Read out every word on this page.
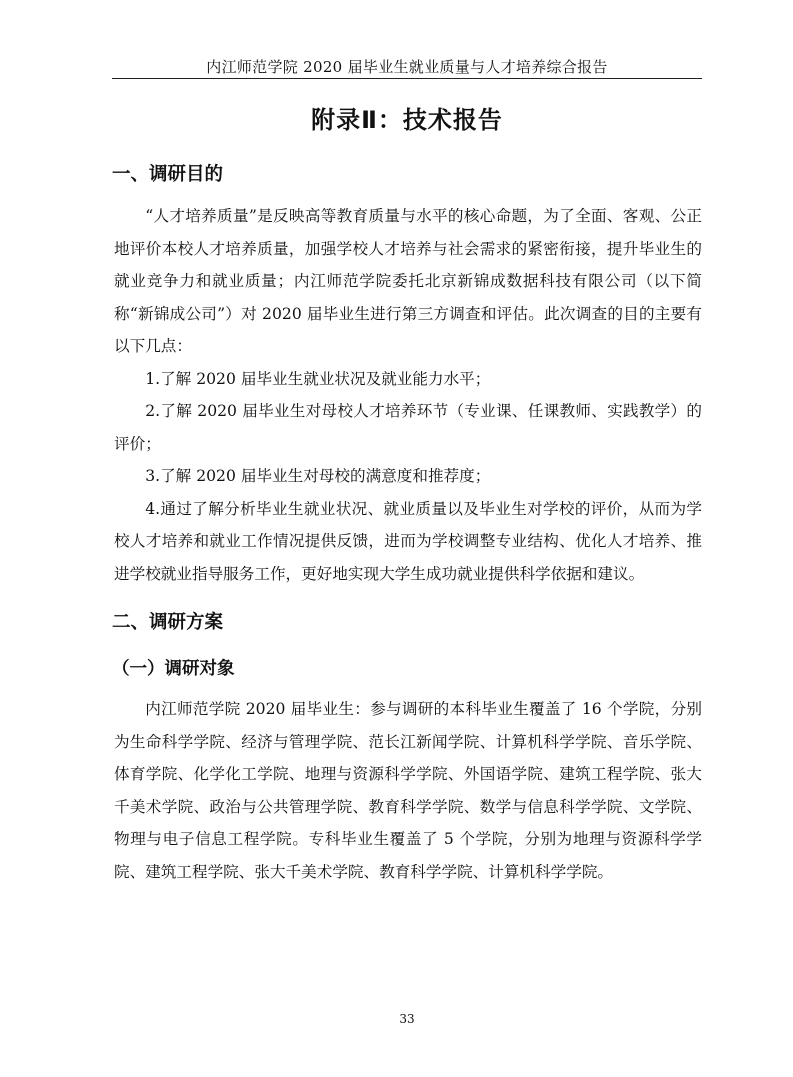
内江师范学院 2020 届毕业生就业质量与人才培养综合报告
附录Ⅱ：技术报告
一、调研目的

“人才培养质量”是反映高等教育质量与水平的核心命题，为了全面、客观、公正地评价本校人才培养质量，加强学校人才培养与社会需求的紧密衔接，提升毕业生的就业竞争力和就业质量；内江师范学院委托北京新锦成数据科技有限公司（以下简称“新锦成公司”）对 2020 届毕业生进行第三方调查和评估。此次调查的目的主要有以下几点：

1.了解 2020 届毕业生就业状况及就业能力水平；

2.了解 2020 届毕业生对母校人才培养环节（专业课、任课教师、实践教学）的评价；

3.了解 2020 届毕业生对母校的满意度和推荐度；

4.通过了解分析毕业生就业状况、就业质量以及毕业生对学校的评价，从而为学校人才培养和就业工作情况提供反馈，进而为学校调整专业结构、优化人才培养、推进学校就业指导服务工作，更好地实现大学生成功就业提供科学依据和建议。

二、调研方案
（一）调研对象

内江师范学院 2020 届毕业生：参与调研的本科毕业生覆盖了 16 个学院，分别为生命科学学院、经济与管理学院、范长江新闻学院、计算机科学学院、音乐学院、体育学院、化学化工学院、地理与资源科学学院、外国语学院、建筑工程学院、张大千美术学院、政治与公共管理学院、教育科学学院、数学与信息科学学院、文学院、物理与电子信息工程学院。专科毕业生覆盖了 5 个学院，分别为地理与资源科学学院、建筑工程学院、张大千美术学院、教育科学学院、计算机科学学院。

33
